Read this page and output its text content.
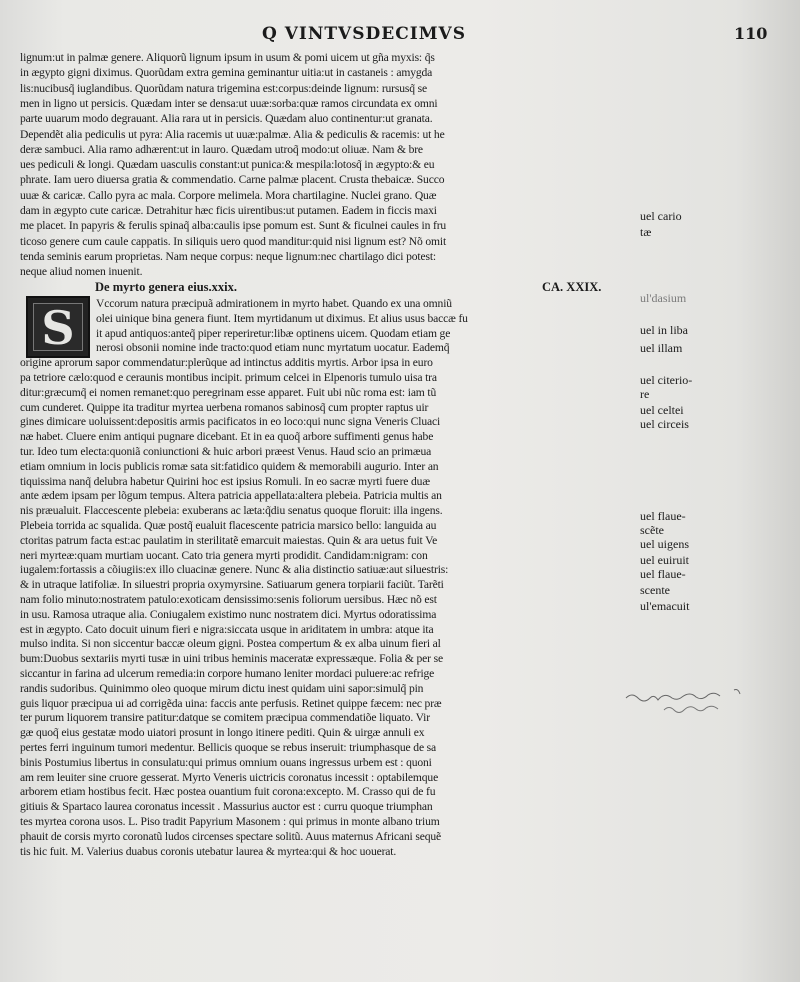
Q VINTVSDECIMVS	110
lignum:ut in palmæ genere. Aliquorũ lignum ipsum in usum & pomi uicem ut gña myxis: q̃s
in ægypto gigni diximus. Quorũdam extra gemina geminantur uitia:ut in castaneis : amygda
lis:nucibusq̃ iuglandibus. Quorũdam natura trigemina est:corpus:deinde lignum: rursusq̃ se
men in ligno ut persicis. Quædam inter se densa:ut uuæ:sorba:quæ ramos circundata ex omni
parte uuarum modo degrauant. Alia rara ut in persicis. Quædam aluo continentur:ut granata.
Dependẽt alia pediculis ut pyra: Alia racemis ut uuæ:palmæ. Alia & pediculis & racemis: ut he
deræ sambuci. Alia ramo adhærent:ut in lauro. Quædam utroq̃ modo:ut oliuæ. Nam & bre
ues pediculi & longi. Quædam uasculis constant:ut punica:& mespila:lotosq̃ in ægypto:& eu
phrate. Iam uero diuersa gratia & commendatio. Carne palmæ placent. Crusta thebaicæ. Succo
uuæ & caricæ. Callo pyra ac mala. Corpore melimela. Mora chartilagine. Nuclei grano. Quæ
dam in ægypto cute caricæ. Detrahitur hæc ficis uirentibus:ut putamen. Eadem in ficcis maxi
me placet. In papyris & ferulis spinaq̃ alba:caulis ipse pomum est. Sunt & ficulnei caules in fru
ticoso genere cum caule cappatis. In siliquis uero quod manditur:quid nisi lignum est? Nõ omit
tenda seminis earum proprietas. Nam neque corpus: neque lignum:nec chartilago dici potest:
neque aliud nomen inuenit.
De myrto genera eius.xxix.	CA. XXIX.
S	Vccorum natura præcipuã admirationem in myrto habet. Quando ex una omniũ
olei uinique bina genera fiunt. Item myrtidanum ut diximus. Et alius usus baccæ fu
it apud antiquos:anteq̃ piper reperiretur:libæ optinens uicem. Quodam etiam ge
nerosi obsonii nomine inde tracto:quod etiam nunc myrtatum uocatur. Eademq̃
origine aprorum sapor commendatur:plerũque ad intinctus additis myrtis. Arbor ipsa in euro
pa tetriore cælo:quod e ceraunis montibus incipit. primum celcei in Elpenoris tumulo uisa tra
ditur:græcumq̃ ei nomen remanet:quo peregrinam esse apparet. Fuit ubi nũc roma est: iam tũ
cum cunderet. Quippe ita traditur myrtea uerbena romanos sabinosq̃ cum propter raptus uir
gines dimicare uoluissent:depositis armis pacificatos in eo loco:qui nunc signa Veneris Cluaci
næ habet. Cluere enim antiqui pugnare dicebant. Et in ea quoq̃ arbore suffimenti genus habe
tur. Ideo tum electa:quoniã coniunctioni & huic arbori præest Venus. Haud scio an primæua
etiam omnium in locis publicis romæ sata sit:fatidico quidem & memorabili augurio. Inter an
tiquissima nanq̃ delubra habetur Quirini hoc est ipsius Romuli. In eo sacræ myrti fuere duæ
ante ædem ipsam per lõgum tempus. Altera patricia appellata:altera plebeia. Patricia multis an
nis præualuit. Flaccescente plebeia: exuberans ac læta:q̃diu senatus quoque floruit: illa ingens.
Plebeia torrida ac squalida. Quæ postq̃ eualuit flacescente patricia marsico bello: languida au
ctoritas patrum facta est:ac paulatim in sterilitatẽ emarcuit maiestas. Quin & ara uetus fuit Ve
neri myrteæ:quam murtiam uocant. Cato tria genera myrti prodidit. Candidam:nigram: con
iugalem:fortassis a cõiugiis:ex illo cluacinæ genere. Nunc & alia distinctio satiuæ:aut siluestris:
& in utraque latifoliæ. In siluestri propria oxymyrsine. Satiuarum genera torpiarii faciũt. Tarẽti
nam folio minuto:nostratem patulo:exoticam densissimo:senis foliorum uersibus. Hæc nõ est
in usu. Ramosa utraque alia. Coniugalem existimo nunc nostratem dici. Myrtus odoratissima
est in ægypto. Cato docuit uinum fieri e nigra:siccata usque in ariditatem in umbra: atque ita
mulso indita. Si non siccentur baccæ oleum gigni. Postea compertum & ex alba uinum fieri al
bum:Duobus sextariis myrti tusæ in uini tribus heminis maceratæ expressæque. Folia & per se
siccantur in farina ad ulcerum remedia:in corpore humano leniter mordaci puluere:ac refrige
randis sudoribus. Quinimmo oleo quoque mirum dictu inest quidam uini sapor:simulq̃ pin
guis liquor præcipua ui ad corrigẽda uina: faccis ante perfusis. Retinet quippe fæcem: nec præ
ter purum liquorem transire patitur:datque se comitem præcipua commendatiõe liquato. Vir
gæ quoq̃ eius gestatæ modo uiatori prosunt in longo itinere pediti. Quin & uirgæ annuli ex
pertes ferri inguinum tumori medentur. Bellicis quoque se rebus inseruit: triumphasque de sa
binis Postumius libertus in consulatu:qui primus omnium ouans ingressus urbem est : quoni
am rem leuiter sine cruore gesserat. Myrto Veneris uictricis coronatus incessit : optabilemque
arborem etiam hostibus fecit. Hæc postea ouantium fuit corona:excepto. M. Crasso qui de fu
gitiuis & Spartaco laurea coronatus incessit . Massurius auctor est : curru quoque triumphan
tes myrtea corona usos. L. Piso tradit Papyrium Masonem : qui primus in monte albano trium
phauit de corsis myrto coronatũ ludos circenses spectare solitũ. Auus maternus Africani sequẽ
tis hic fuit. M. Valerius duabus coronis utebatur laurea & myrtea:qui & hoc uouerat.
uel cario
tæ
ul'dasium
uel in liba
uel illam
uel citerio-
re
uel celtei
uel circeis
uel flaue-
scẽte
uel uigens
uel euiruit
uel flaue-
scente
ul'emacuit
